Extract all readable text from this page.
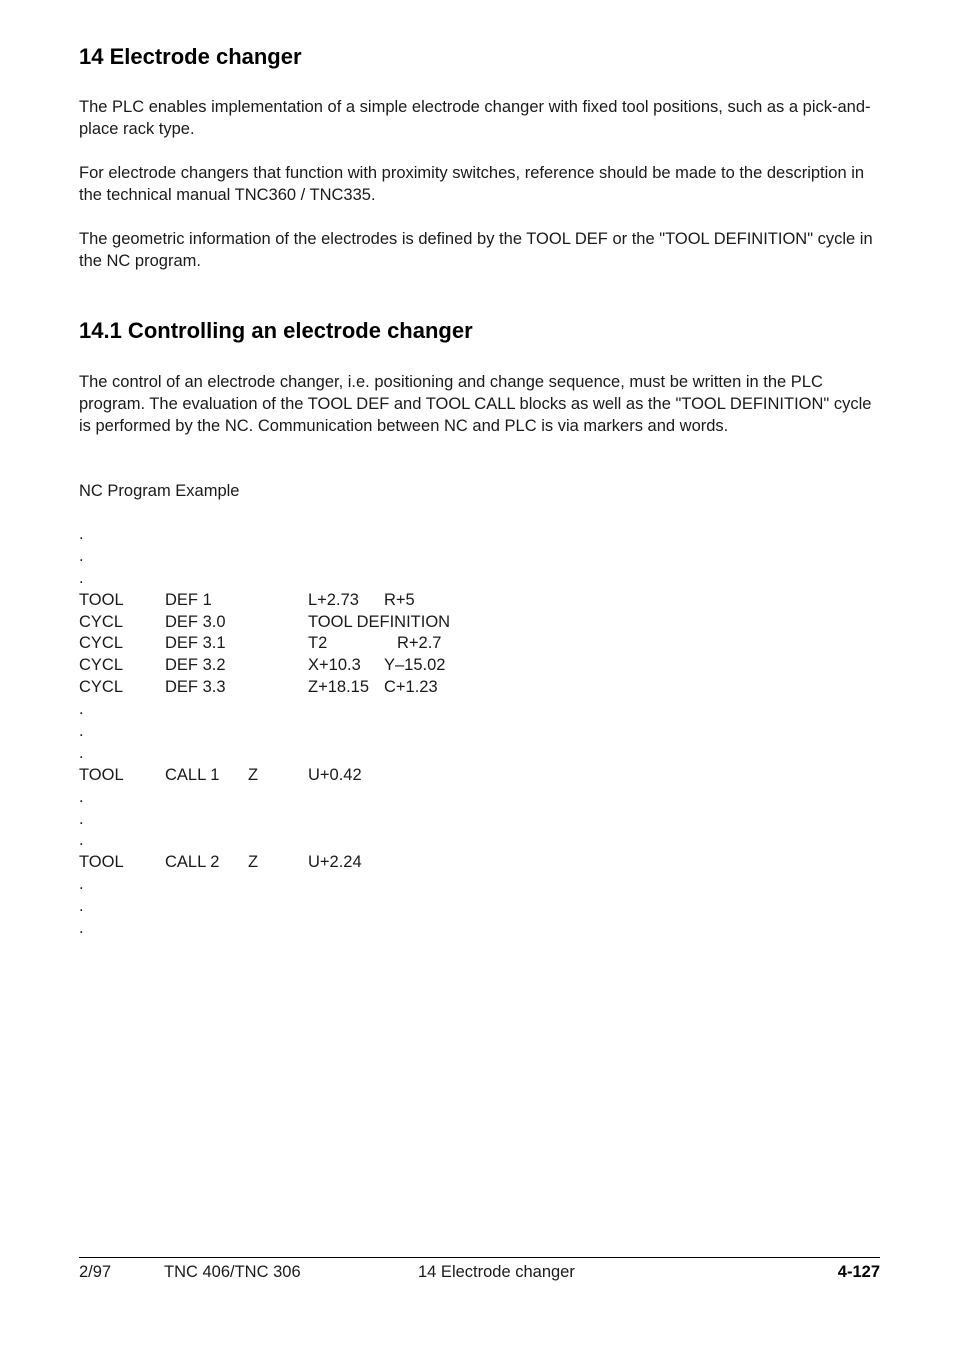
14 Electrode changer

The PLC enables implementation of a simple electrode changer with fixed tool positions, such as a pick-and-place rack type.

For electrode changers that function with proximity switches, reference should be made to the description in the technical manual TNC360 / TNC335.

The geometric information of the electrodes is defined by the TOOL DEF or the "TOOL DEFINITION" cycle in the NC program.

14.1 Controlling an electrode changer

The control of an electrode changer, i.e. positioning and change sequence, must be written in the PLC program. The evaluation of the TOOL DEF and TOOL CALL blocks as well as the "TOOL DEFINITION" cycle is performed by the NC. Communication between NC and PLC is via markers and words.

NC Program Example

.
.
.
TOOL	DEF 1	L+2.73 R+5
CYCL	DEF 3.0	TOOL DEFINITION
CYCL	DEF 3.1	T2	R+2.7
CYCL	DEF 3.2	X+10.3 Y–15.02
CYCL	DEF 3.3	Z+18.15 C+1.23
.
.
.
TOOL	CALL 1 Z	U+0.42
.
.
.
TOOL	CALL 2 Z	U+2.24
.
.
.
2/97	TNC 406/TNC 306	14 Electrode changer	4-127
